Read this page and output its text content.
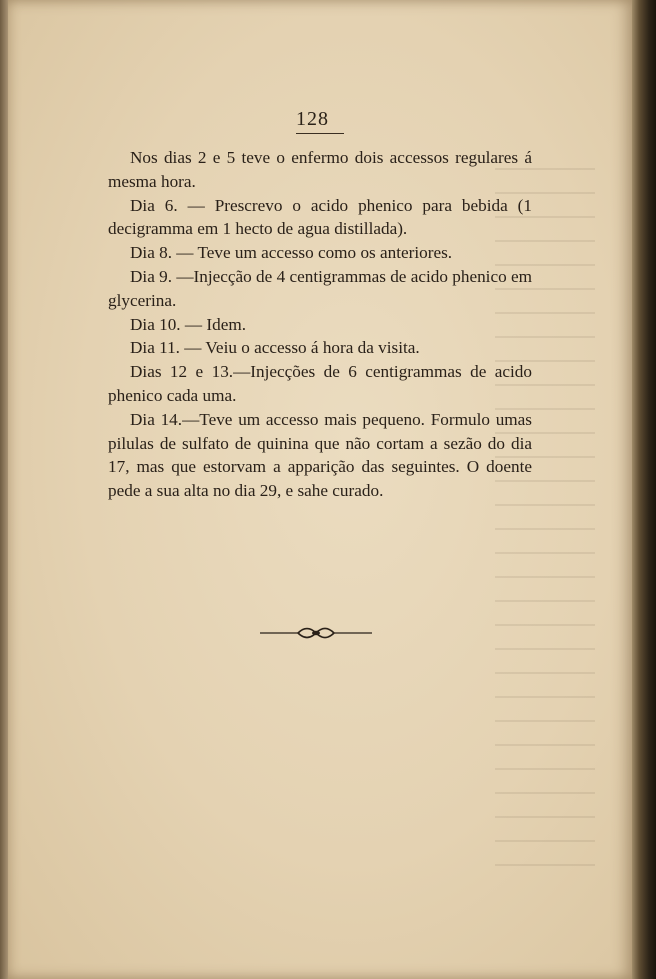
128

Nos dias 2 e 5 teve o enfermo dois accessos regulares á mesma hora.

Dia 6. — Prescrevo o acido phenico para bebida (1 decigramma em 1 hecto de agua distillada).

Dia 8. — Teve um accesso como os anteriores.

Dia 9. —Injecção de 4 centigrammas de acido phenico em glycerina.

Dia 10. — Idem.

Dia 11. — Veiu o accesso á hora da visita.

Dias 12 e 13.—Injecções de 6 centigrammas de acido phenico cada uma.

Dia 14.—Teve um accesso mais pequeno. Formulo umas pilulas de sulfato de quinina que não cortam a sezão do dia 17, mas que estorvam a apparição das seguintes. O doente pede a sua alta no dia 29, e sahe curado.
